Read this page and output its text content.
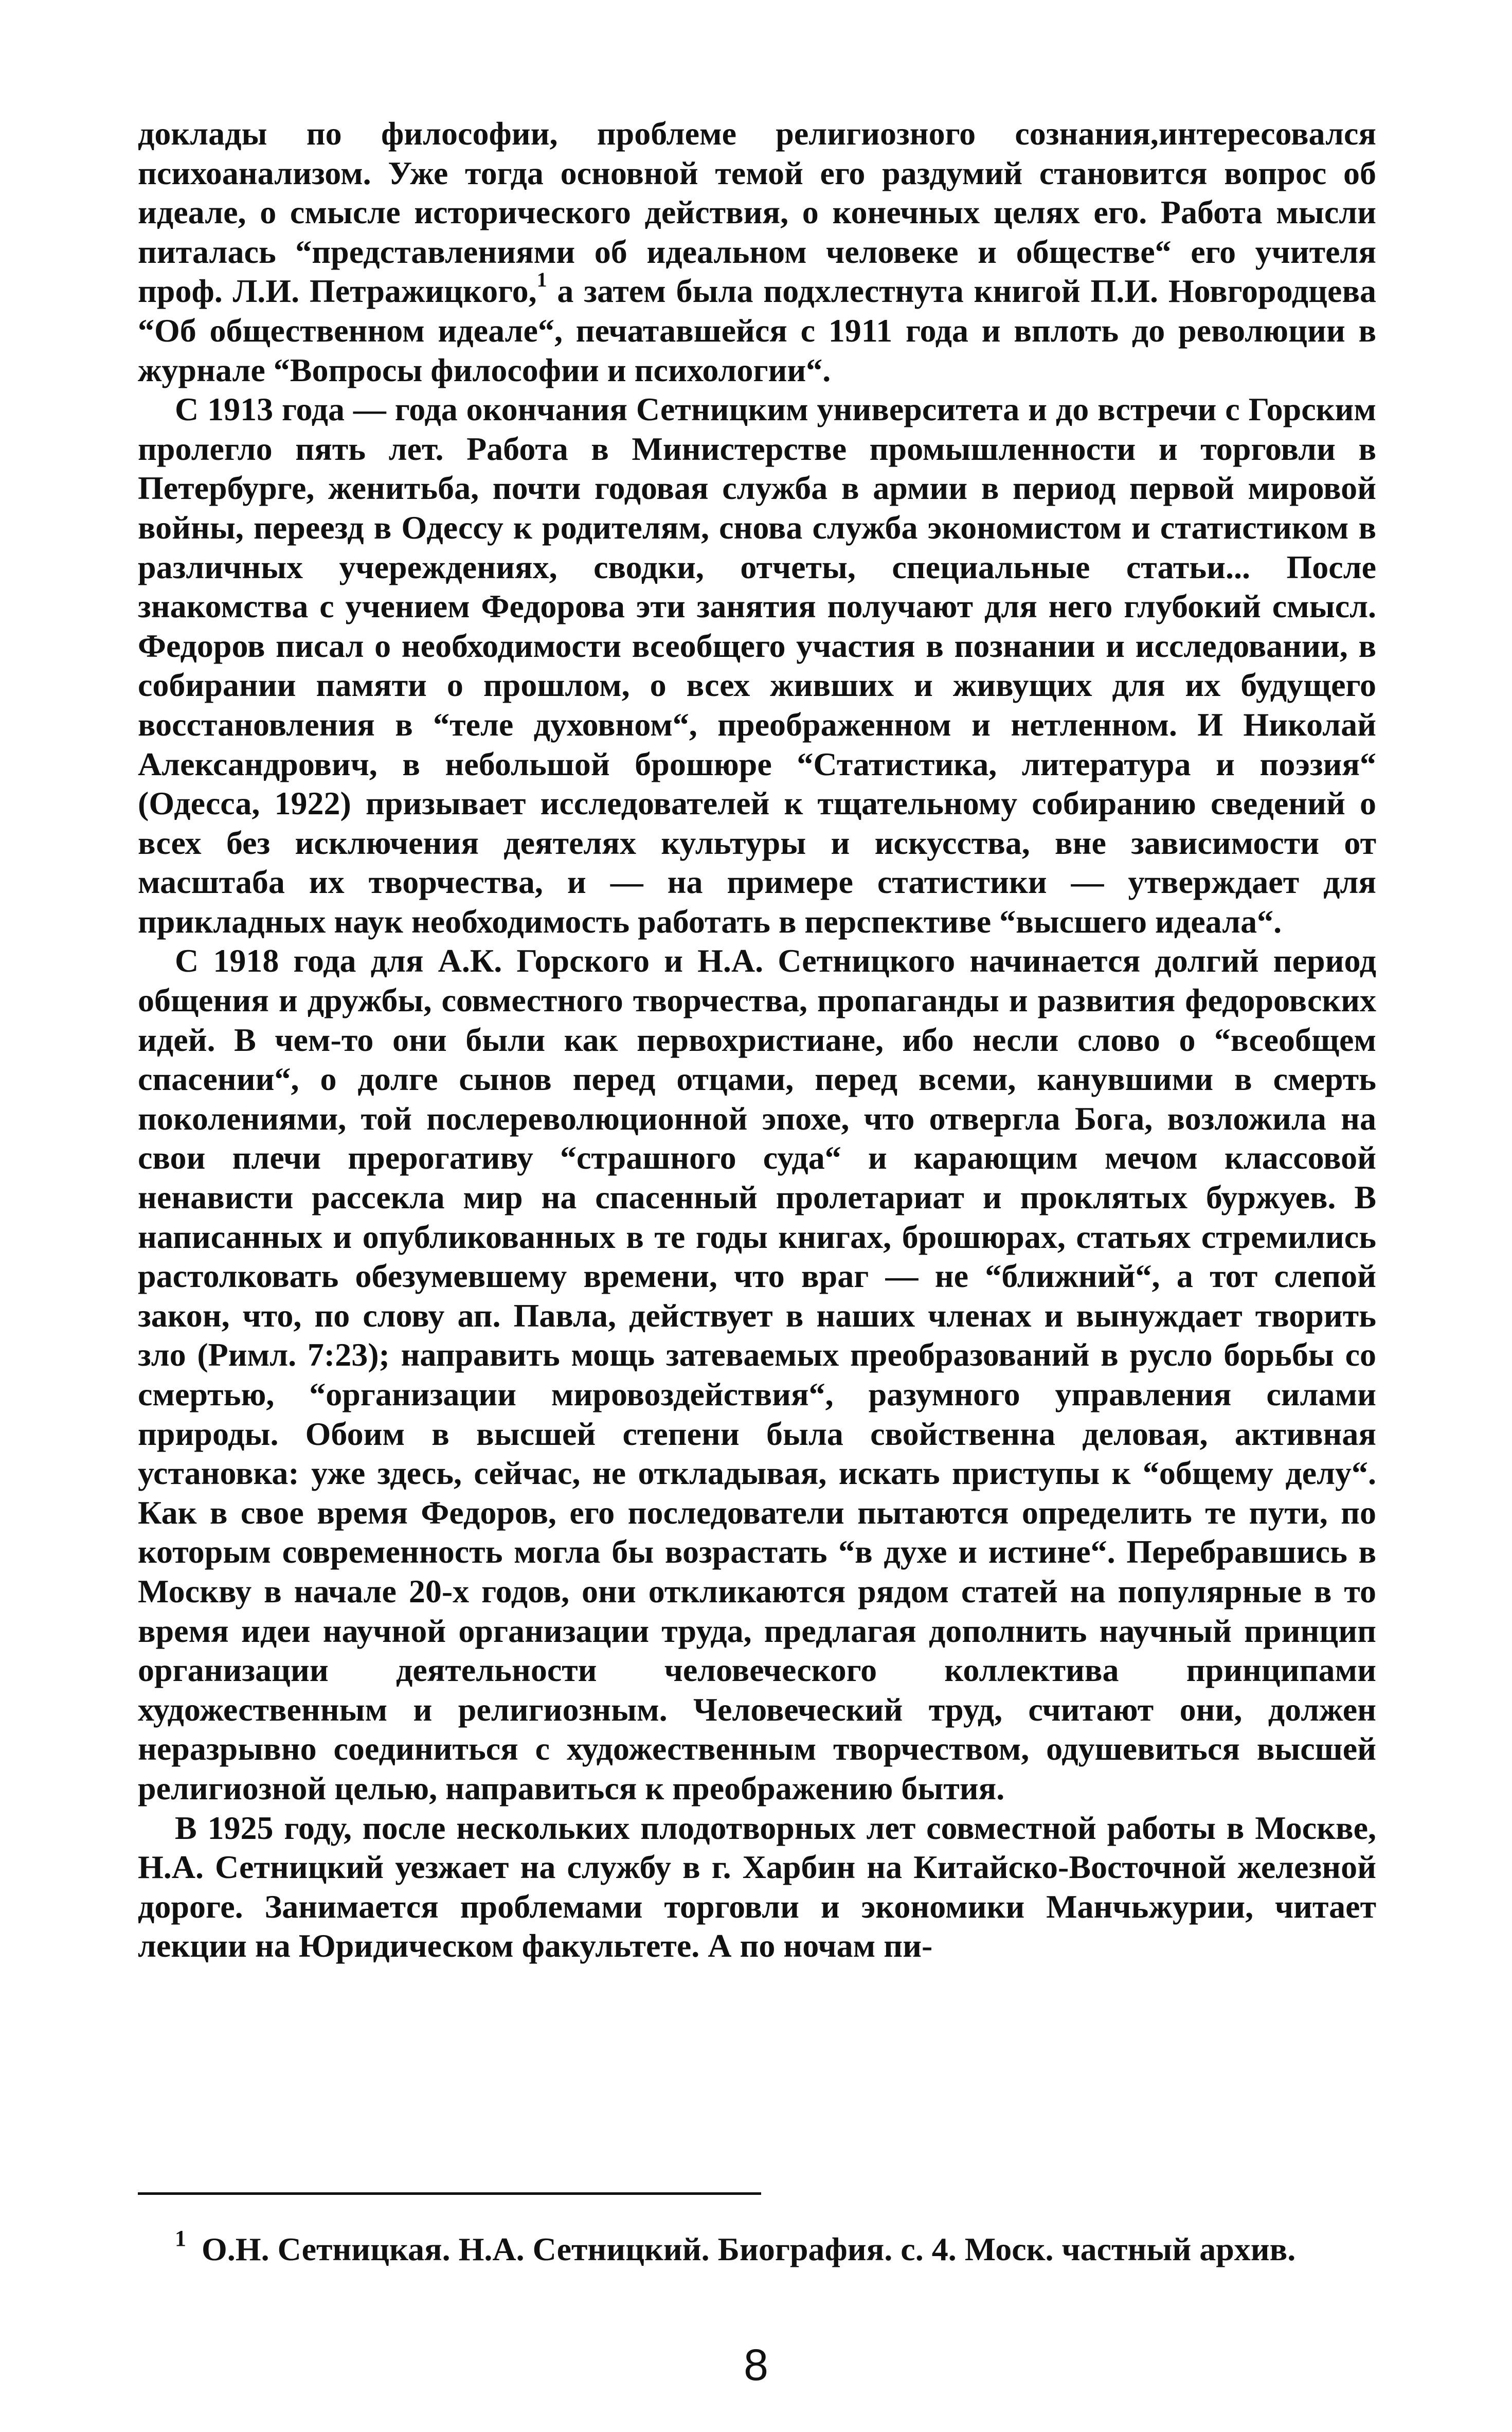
доклады по философии, проблеме религиозного сознания,интересовался психоанализом. Уже тогда основной темой его раздумий становится вопрос об идеале, о смысле исторического действия, о конечных целях его. Работа мысли питалась “представлениями об идеальном человеке и обществе“ его учителя проф. Л.И. Петражицкого,$^1$ а затем была подхлестнута книгой П.И. Новгородцева “Об общественном идеале“, печатавшейся с 1911 года и вплоть до революции в журнале “Вопросы философии и психологии“.

С 1913 года — года окончания Сетницким университета и до встречи с Горским пролегло пять лет. Работа в Министерстве промышленности и торговли в Петербурге, женитьба, почти годовая служба в армии в период первой мировой войны, переезд в Одессу к родителям, снова служба экономистом и статистиком в различных учереждениях, сводки, отчеты, специальные статьи... После знакомства с учением Федорова эти занятия получают для него глубокий смысл. Федоров писал о необходимости всеобщего участия в познании и исследовании, в собирании памяти о прошлом, о всех живших и живущих для их будущего восстановления в “теле духовном“, преображенном и нетленном. И Николай Александрович, в небольшой брошюре “Статистика, литература и поэзия“ (Одесса, 1922) призывает исследователей к тщательному собиранию сведений о всех без исключения деятелях культуры и искусства, вне зависимости от масштаба их творчества, и — на примере статистики — утверждает для прикладных наук необходимость работать в перспективе “высшего идеала“.

С 1918 года для А.К. Горского и Н.А. Сетницкого начинается долгий период общения и дружбы, совместного творчества, пропаганды и развития федоровских идей. В чем-то они были как первохристиане, ибо несли слово о “всеобщем спасении“, о долге сынов перед отцами, перед всеми, канувшими в смерть поколениями, той послереволюционной эпохе, что отвергла Бога, возложила на свои плечи прерогативу “страшного суда“ и карающим мечом классовой ненависти рассекла мир на спасенный пролетариат и проклятых буржуев. В написанных и опубликованных в те годы книгах, брошюрах, статьях стремились растолковать обезумевшему времени, что враг — не “ближний“, а тот слепой закон, что, по слову ап. Павла, действует в наших членах и вынуждает творить зло (Римл. 7:23); направить мощь затеваемых преобразований в русло борьбы со смертью, “организации мировоздействия“, разумного управления силами природы. Обоим в высшей степени была свойственна деловая, активная установка: уже здесь, сейчас, не откладывая, искать приступы к “общему делу“. Как в свое время Федоров, его последователи пытаются определить те пути, по которым современность могла бы возрастать “в духе и истине“. Перебравшись в Москву в начале 20-х годов, они откликаются рядом статей на популярные в то время идеи научной организации труда, предлагая дополнить научный принцип организации деятельности человеческого коллектива принципами художественным и религиозным. Человеческий труд, считают они, должен неразрывно соединиться с художественным творчеством, одушевиться высшей религиозной целью, направиться к преображению бытия.

В 1925 году, после нескольких плодотворных лет совместной работы в Москве, Н.А. Сетницкий уезжает на службу в г. Харбин на Китайско-Восточной железной дороге. Занимается проблемами торговли и экономики Манчьжурии, читает лекции на Юридическом факультете. А по ночам пи-

1 О.Н. Сетницкая. Н.А. Сетницкий. Биография. с. 4. Моск. частный архив.
8
